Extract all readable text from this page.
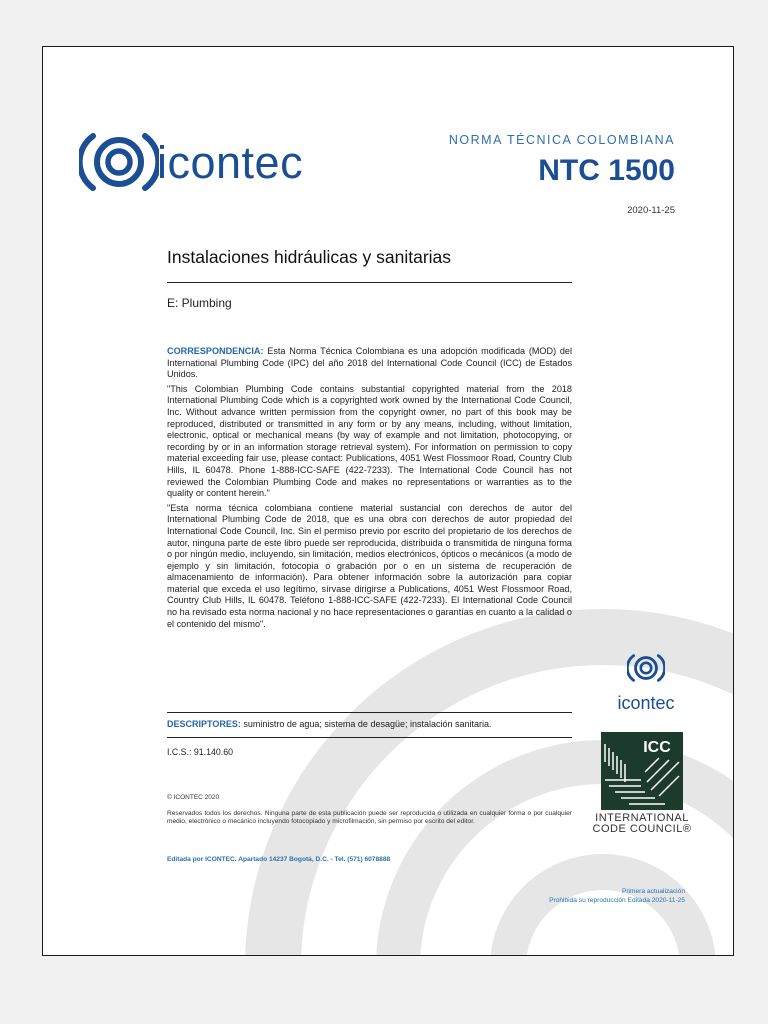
icontec	NORMA TÉCNICA COLOMBIANA
NTC 1500
2020-11-25
Instalaciones hidráulicas y sanitarias
E: Plumbing

CORRESPONDENCIA: Esta Norma Técnica Colombiana es una adopción modificada (MOD) del International Plumbing Code (IPC) del año 2018 del International Code Council (ICC) de Estados Unidos.

"This Colombian Plumbing Code contains substantial copyrighted material from the 2018 International Plumbing Code which is a copyrighted work owned by the International Code Council, Inc. Without advance written permission from the copyright owner, no part of this book may be reproduced, distributed or transmitted in any form or by any means, including, without limitation, electronic, optical or mechanical means (by way of example and not limitation, photocopying, or recording by or in an information storage retrieval system). For information on permission to copy material exceeding fair use, please contact: Publications, 4051 West Flossmoor Road, Country Club Hills, IL 60478. Phone 1-888-ICC-SAFE (422-7233). The International Code Council has not reviewed the Colombian Plumbing Code and makes no representations or warranties as to the quality or content herein."

"Esta norma técnica colombiana contiene material sustancial con derechos de autor del International Plumbing Code de 2018, que es una obra con derechos de autor propiedad del International Code Council, Inc. Sin el permiso previo por escrito del propietario de los derechos de autor, ninguna parte de este libro puede ser reproducida, distribuida o transmitida de ninguna forma o por ningún medio, incluyendo, sin limitación, medios electrónicos, ópticos o mecánicos (a modo de ejemplo y sin limitación, fotocopia o grabación por o en un sistema de recuperación de almacenamiento de información). Para obtener información sobre la autorización para copiar material que exceda el uso legítimo, sírvase dirigirse a Publications, 4051 West Flossmoor Road, Country Club Hills, IL 60478. Teléfono 1-888-ICC-SAFE (422-7233). El International Code Council no ha revisado esta norma nacional y no hace representaciones o garantías en cuanto a la calidad o el contenido del mismo".

DESCRIPTORES: suministro de agua; sistema de desagüe; instalación sanitaria.
I.C.S.: 91.140.60
© ICONTEC 2020
Reservados todos los derechos. Ninguna parte de esta publicación puede ser reproducida o utilizada en cualquier forma o por cualquier medio, electrónico o mecánico incluyendo fotocopiado y microfilmación, sin permiso por escrito del editor.
Editada por ICONTEC. Apartado 14237 Bogotá, D.C. - Tel. (571) 6078888
Primera actualización
Prohibida su reproducción Editada 2020-11-25
icontec
ICC
INTERNATIONAL
CODE COUNCIL®
